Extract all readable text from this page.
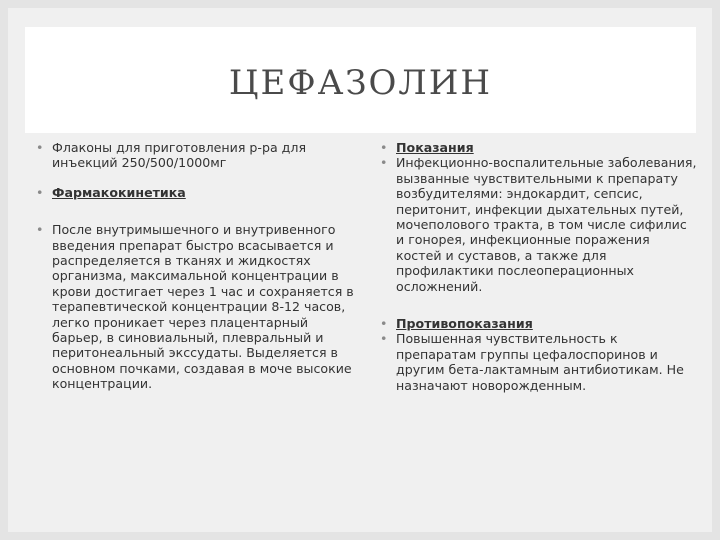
ЦЕФАЗОЛИН
• Флаконы для приготовления р-ра для инъекций 250/500/1000мг
• Фармакокинетика
• После внутримышечного и внутривенного введения препарат быстро всасывается и распределяется в тканях и жидкостях организма, максимальной концентрации в крови достигает через 1 час и сохраняется в терапевтической концентрации 8-12 часов, легко проникает через плацентарный барьер, в синовиальный, плевральный и перитонеальный экссудаты. Выделяется в основном почками, создавая в моче высокие концентрации.
• Показания
• Инфекционно-воспалительные заболевания, вызванные чувствительными к препарату возбудителями: эндокардит, сепсис, перитонит, инфекции дыхательных путей, мочеполового тракта, в том числе сифилис и гонорея, инфекционные поражения костей и суставов, а также для профилактики послеоперационных осложнений.
• Противопоказания
• Повышенная чувствительность к препаратам группы цефалоспоринов и другим бета-лактамным антибиотикам. Не назначают новорожденным.
